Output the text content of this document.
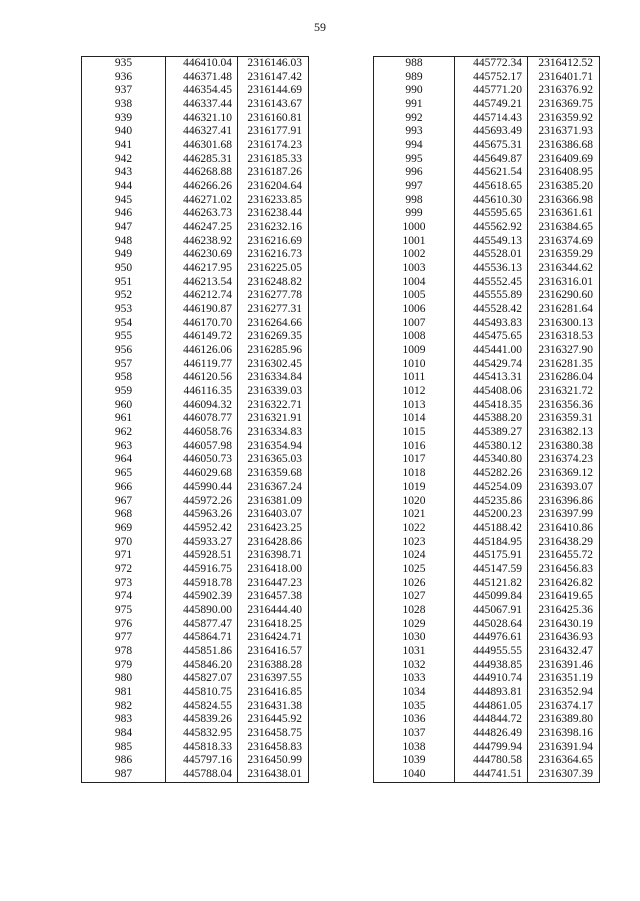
59
935	446410.04	2316146.03
936	446371.48	2316147.42
937	446354.45	2316144.69
938	446337.44	2316143.67
939	446321.10	2316160.81
940	446327.41	2316177.91
941	446301.68	2316174.23
942	446285.31	2316185.33
943	446268.88	2316187.26
944	446266.26	2316204.64
945	446271.02	2316233.85
946	446263.73	2316238.44
947	446247.25	2316232.16
948	446238.92	2316216.69
949	446230.69	2316216.73
950	446217.95	2316225.05
951	446213.54	2316248.82
952	446212.74	2316277.78
953	446190.87	2316277.31
954	446170.70	2316264.66
955	446149.72	2316269.35
956	446126.06	2316285.96
957	446119.77	2316302.45
958	446120.56	2316334.84
959	446116.35	2316339.03
960	446094.32	2316322.71
961	446078.77	2316321.91
962	446058.76	2316334.83
963	446057.98	2316354.94
964	446050.73	2316365.03
965	446029.68	2316359.68
966	445990.44	2316367.24
967	445972.26	2316381.09
968	445963.26	2316403.07
969	445952.42	2316423.25
970	445933.27	2316428.86
971	445928.51	2316398.71
972	445916.75	2316418.00
973	445918.78	2316447.23
974	445902.39	2316457.38
975	445890.00	2316444.40
976	445877.47	2316418.25
977	445864.71	2316424.71
978	445851.86	2316416.57
979	445846.20	2316388.28
980	445827.07	2316397.55
981	445810.75	2316416.85
982	445824.55	2316431.38
983	445839.26	2316445.92
984	445832.95	2316458.75
985	445818.33	2316458.83
986	445797.16	2316450.99
987	445788.04	2316438.01
988	445772.34	2316412.52
989	445752.17	2316401.71
990	445771.20	2316376.92
991	445749.21	2316369.75
992	445714.43	2316359.92
993	445693.49	2316371.93
994	445675.31	2316386.68
995	445649.87	2316409.69
996	445621.54	2316408.95
997	445618.65	2316385.20
998	445610.30	2316366.98
999	445595.65	2316361.61
1000	445562.92	2316384.65
1001	445549.13	2316374.69
1002	445528.01	2316359.29
1003	445536.13	2316344.62
1004	445552.45	2316316.01
1005	445555.89	2316290.60
1006	445528.42	2316281.64
1007	445493.83	2316300.13
1008	445475.65	2316318.53
1009	445441.00	2316327.90
1010	445429.74	2316281.35
1011	445413.31	2316286.04
1012	445408.06	2316321.72
1013	445418.35	2316356.36
1014	445388.20	2316359.31
1015	445389.27	2316382.13
1016	445380.12	2316380.38
1017	445340.80	2316374.23
1018	445282.26	2316369.12
1019	445254.09	2316393.07
1020	445235.86	2316396.86
1021	445200.23	2316397.99
1022	445188.42	2316410.86
1023	445184.95	2316438.29
1024	445175.91	2316455.72
1025	445147.59	2316456.83
1026	445121.82	2316426.82
1027	445099.84	2316419.65
1028	445067.91	2316425.36
1029	445028.64	2316430.19
1030	444976.61	2316436.93
1031	444955.55	2316432.47
1032	444938.85	2316391.46
1033	444910.74	2316351.19
1034	444893.81	2316352.94
1035	444861.05	2316374.17
1036	444844.72	2316389.80
1037	444826.49	2316398.16
1038	444799.94	2316391.94
1039	444780.58	2316364.65
1040	444741.51	2316307.39
